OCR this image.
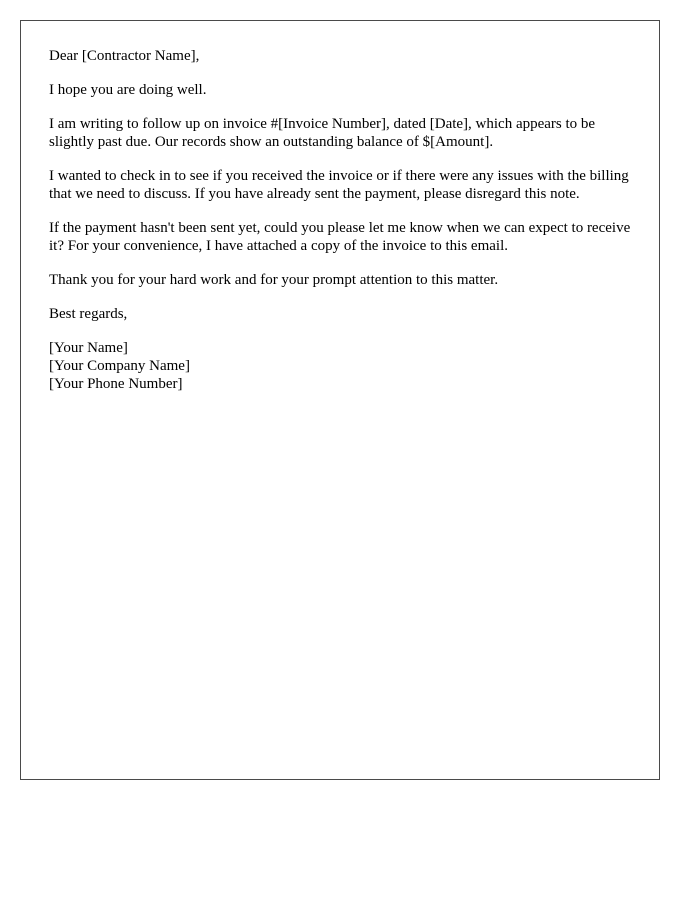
Dear [Contractor Name],

I hope you are doing well.

I am writing to follow up on invoice #[Invoice Number], dated [Date], which appears to be slightly past due. Our records show an outstanding balance of $[Amount].

I wanted to check in to see if you received the invoice or if there were any issues with the billing that we need to discuss. If you have already sent the payment, please disregard this note.

If the payment hasn't been sent yet, could you please let me know when we can expect to receive it? For your convenience, I have attached a copy of the invoice to this email.

Thank you for your hard work and for your prompt attention to this matter.

Best regards,

[Your Name]
[Your Company Name]
[Your Phone Number]
